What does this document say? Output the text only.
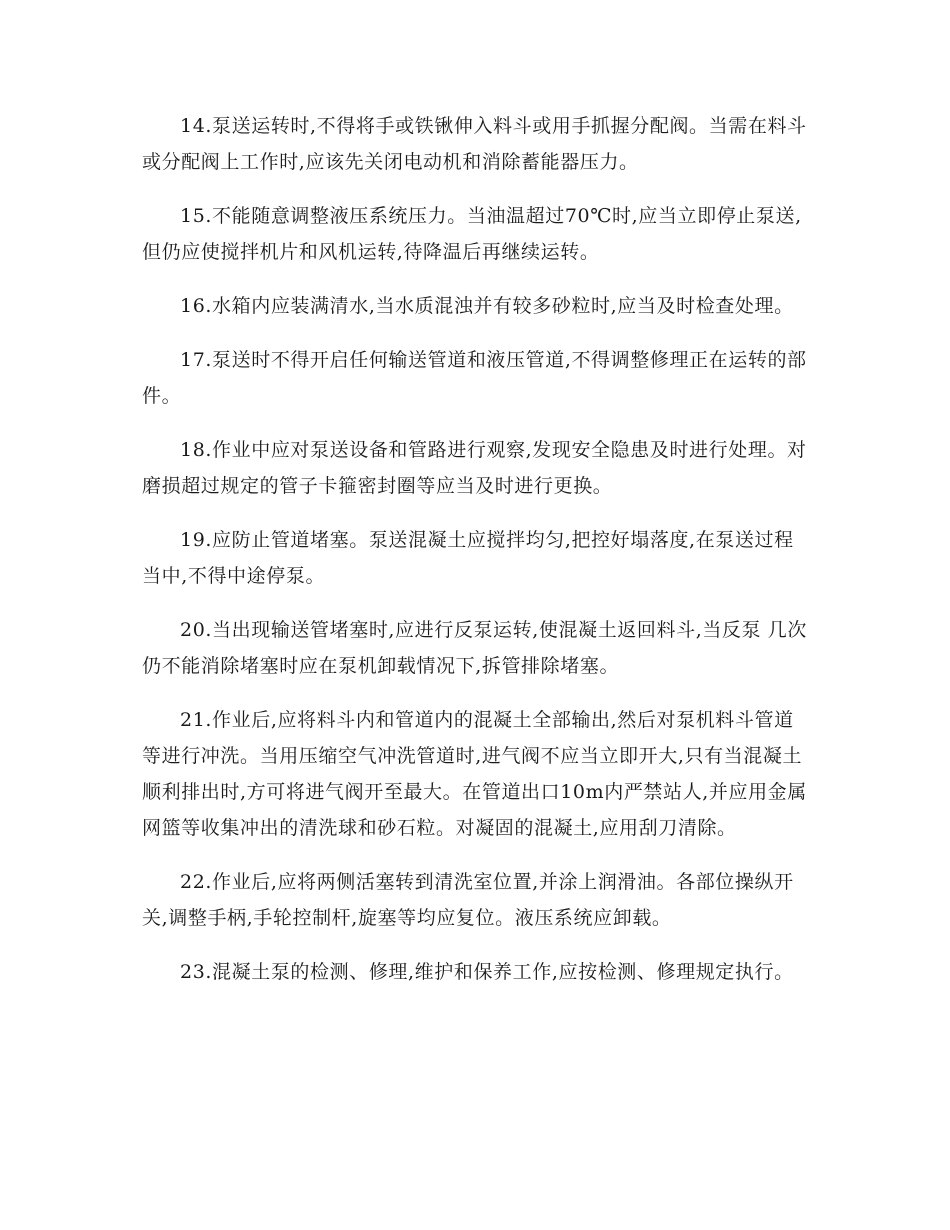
14.泵送运转时,不得将手或铁锹伸入料斗或用手抓握分配阀。当需在料斗或分配阀上工作时,应该先关闭电动机和消除蓄能器压力。

15.不能随意调整液压系统压力。当油温超过70℃时,应当立即停止泵送,但仍应使搅拌机片和风机运转,待降温后再继续运转。

16.水箱内应装满清水,当水质混浊并有较多砂粒时,应当及时检查处理。

17.泵送时不得开启任何输送管道和液压管道,不得调整修理正在运转的部件。

18.作业中应对泵送设备和管路进行观察,发现安全隐患及时进行处理。对磨损超过规定的管子卡箍密封圈等应当及时进行更换。

19.应防止管道堵塞。泵送混凝土应搅拌均匀,把控好塌落度,在泵送过程当中,不得中途停泵。

20.当出现输送管堵塞时,应进行反泵运转,使混凝土返回料斗,当反泵 几次仍不能消除堵塞时应在泵机卸载情况下,拆管排除堵塞。

21.作业后,应将料斗内和管道内的混凝土全部输出,然后对泵机料斗管道等进行冲洗。当用压缩空气冲洗管道时,进气阀不应当立即开大,只有当混凝土顺利排出时,方可将进气阀开至最大。在管道出口10m内严禁站人,并应用金属网篮等收集冲出的清洗球和砂石粒。对凝固的混凝土,应用刮刀清除。

22.作业后,应将两侧活塞转到清洗室位置,并涂上润滑油。各部位操纵开关,调整手柄,手轮控制杆,旋塞等均应复位。液压系统应卸载。

23.混凝土泵的检测、修理,维护和保养工作,应按检测、修理规定执行。
